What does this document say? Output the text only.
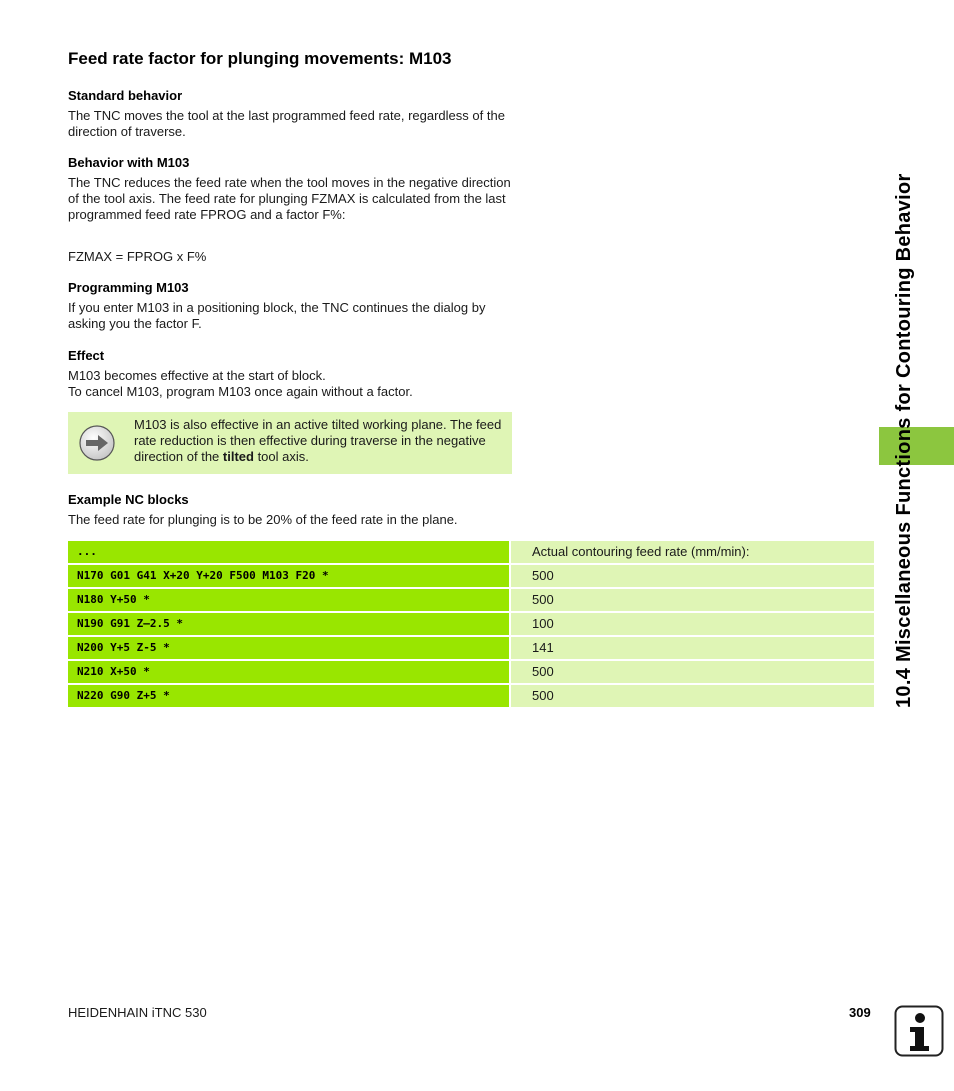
Feed rate factor for plunging movements: M103
Standard behavior

The TNC moves the tool at the last programmed feed rate, regardless of the direction of traverse.

Behavior with M103

The TNC reduces the feed rate when the tool moves in the negative direction of the tool axis. The feed rate for plunging FZMAX is calculated from the last programmed feed rate FPROG and a factor F%:

FZMAX = FPROG x F%

Programming M103

If you enter M103 in a positioning block, the TNC continues the dialog by asking you the factor F.

Effect

M103 becomes effective at the start of block.

To cancel M103, program M103 once again without a factor.

M103 is also effective in an active tilted working plane. The feed rate reduction is then effective during traverse in the negative direction of the tilted tool axis.

Example NC blocks

The feed rate for plunging is to be 20% of the feed rate in the plane.

...	Actual contouring feed rate (mm/min):
N170 G01 G41 X+20 Y+20 F500 M103 F20 *	500
N180 Y+50 *	500
N190 G91 Z–2.5 *	100
N200 Y+5 Z-5 *	141
N210 X+50 *	500
N220 G90 Z+5 *	500	10.4 Miscellaneous Functions for Contouring Behavior

HEIDENHAIN iTNC 530	309
